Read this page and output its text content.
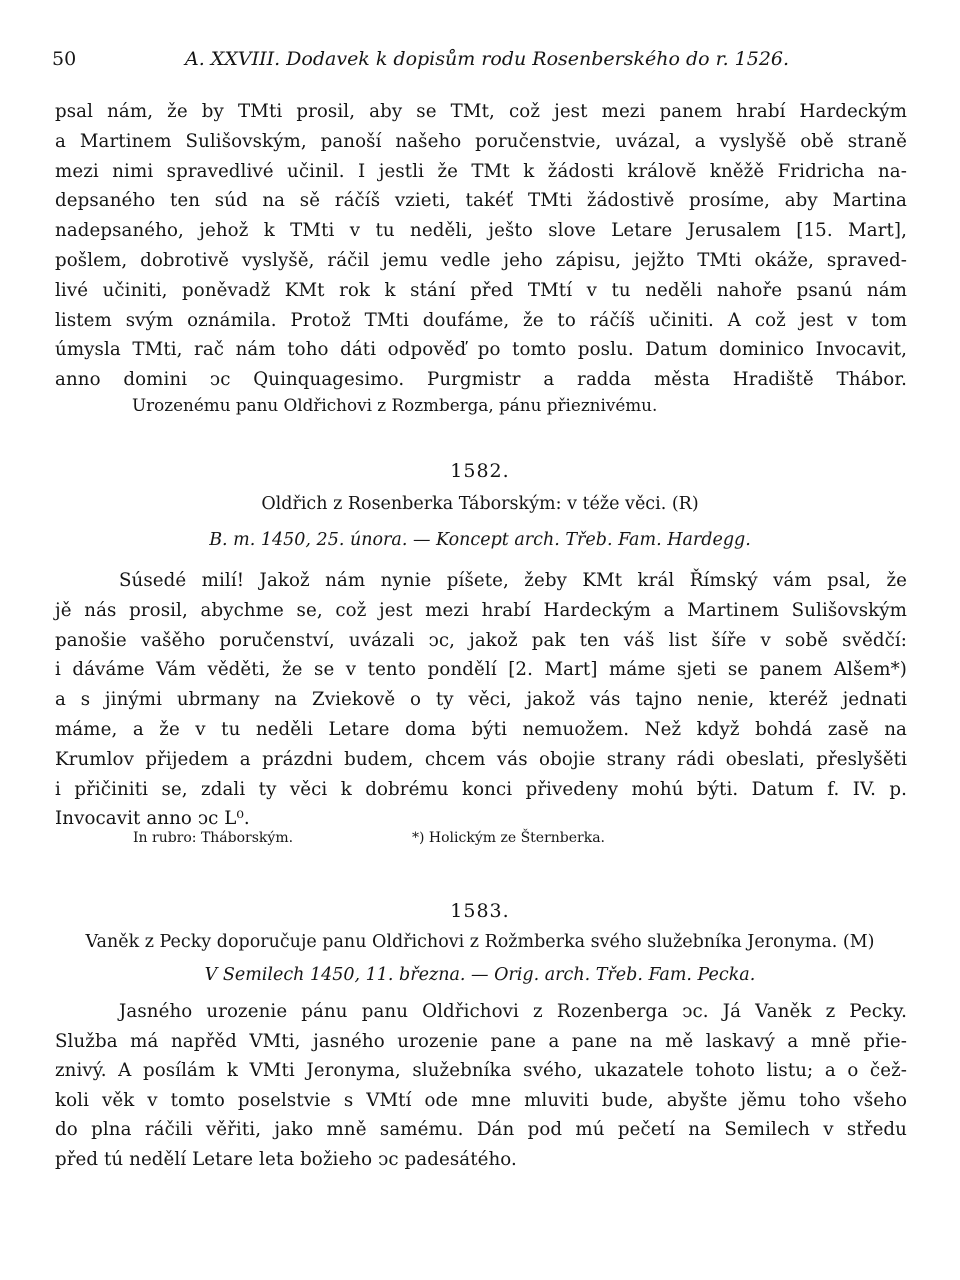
50	A. XXVIII. Dodavek k dopisům rodu Rosenberského do r. 1526.
psal nám, že by TMti prosil, aby se TMt, což jest mezi panem hrabí Hardeckým
a Martinem Sulišovským, panoší našeho poručenstvie, uvázal, a vyslyšě obě straně
mezi nimi spravedlivé učinil. I jestli že TMt k žádosti královĕ kněžě Fridricha na-
depsaného ten súd na sě ráčíš vzieti, takéť TMti žádostivě prosíme, aby Martina
nadepsaného, jehož k TMti v tu neděli, ješto slove Letare Jerusalem [15. Mart],
pošlem, dobrotivě vyslyšě, ráčil jemu vedle jeho zápisu, jejžto TMti okáže, spraved-
livé učiniti, poněvadž KMt rok k stání před TMtí v tu neděli nahoře psanú nám
listem svým oznámila. Protož TMti doufáme, že to ráčíš učiniti. A což jest v tom
úmysla TMti, rač nám toho dáti odpověď po tomto poslu. Datum dominico Invocavit,
anno domini ↄc Quinquagesimo. Purgmistr a radda města Hradiště Thábor.
Urozenému panu Oldřichovi z Rozmberga, pánu přieznivému.
1582.
Oldřich z Rosenberka Táborským: v téže věci. (R)
B. m. 1450, 25. února. — Koncept arch. Třeb. Fam. Hardegg.
Súsedé milí! Jakož nám nynie píšete, žeby KMt král Římský vám psal, že
jě nás prosil, abychme se, což jest mezi hrabí Hardeckým a Martinem Sulišovským
panošie vašěho poručenství, uvázali ↄc, jakož pak ten váš list šíře v sobě svědčí:
i dáváme Vám věděti, že se v tento pondělí [2. Mart] máme sjeti se panem Alšem*)
a s jinými ubrmany na Zviekově o ty věci, jakož vás tajno nenie, kteréž jednati
máme, a že v tu neděli Letare doma býti nemuožem. Než když bohdá zasě na
Krumlov přijedem a prázdni budem, chcem vás obojie strany rádi obeslati, přeslyšěti
i přičiniti se, zdali ty věci k dobrému konci přivedeny mohú býti. Datum f. IV. p.
Invocavit anno ↄc L⁰.
In rubro: Tháborským.	*) Holickým ze Šternberka.
1583.
Vaněk z Pecky doporučuje panu Oldřichovi z Rožmberka svého služebníka Jeronyma. (M)
V Semilech 1450, 11. března. — Orig. arch. Třeb. Fam. Pecka.
Jasného urozenie pánu panu Oldřichovi z Rozenberga ↄc. Já Vaněk z Pecky.
Služba má napřěd VMti, jasného urozenie pane a pane na mě laskavý a mně přie-
znivý. A posílám k VMti Jeronyma, služebníka svého, ukazatele tohoto listu; a o čež-
koli věk v tomto poselstvie s VMtí ode mne mluviti bude, abyšte jěmu toho všeho
do plna ráčili věřiti, jako mně samému. Dán pod mú pečetí na Semilech v středu
před tú nedělí Letare leta božieho ↄc padesátého.
